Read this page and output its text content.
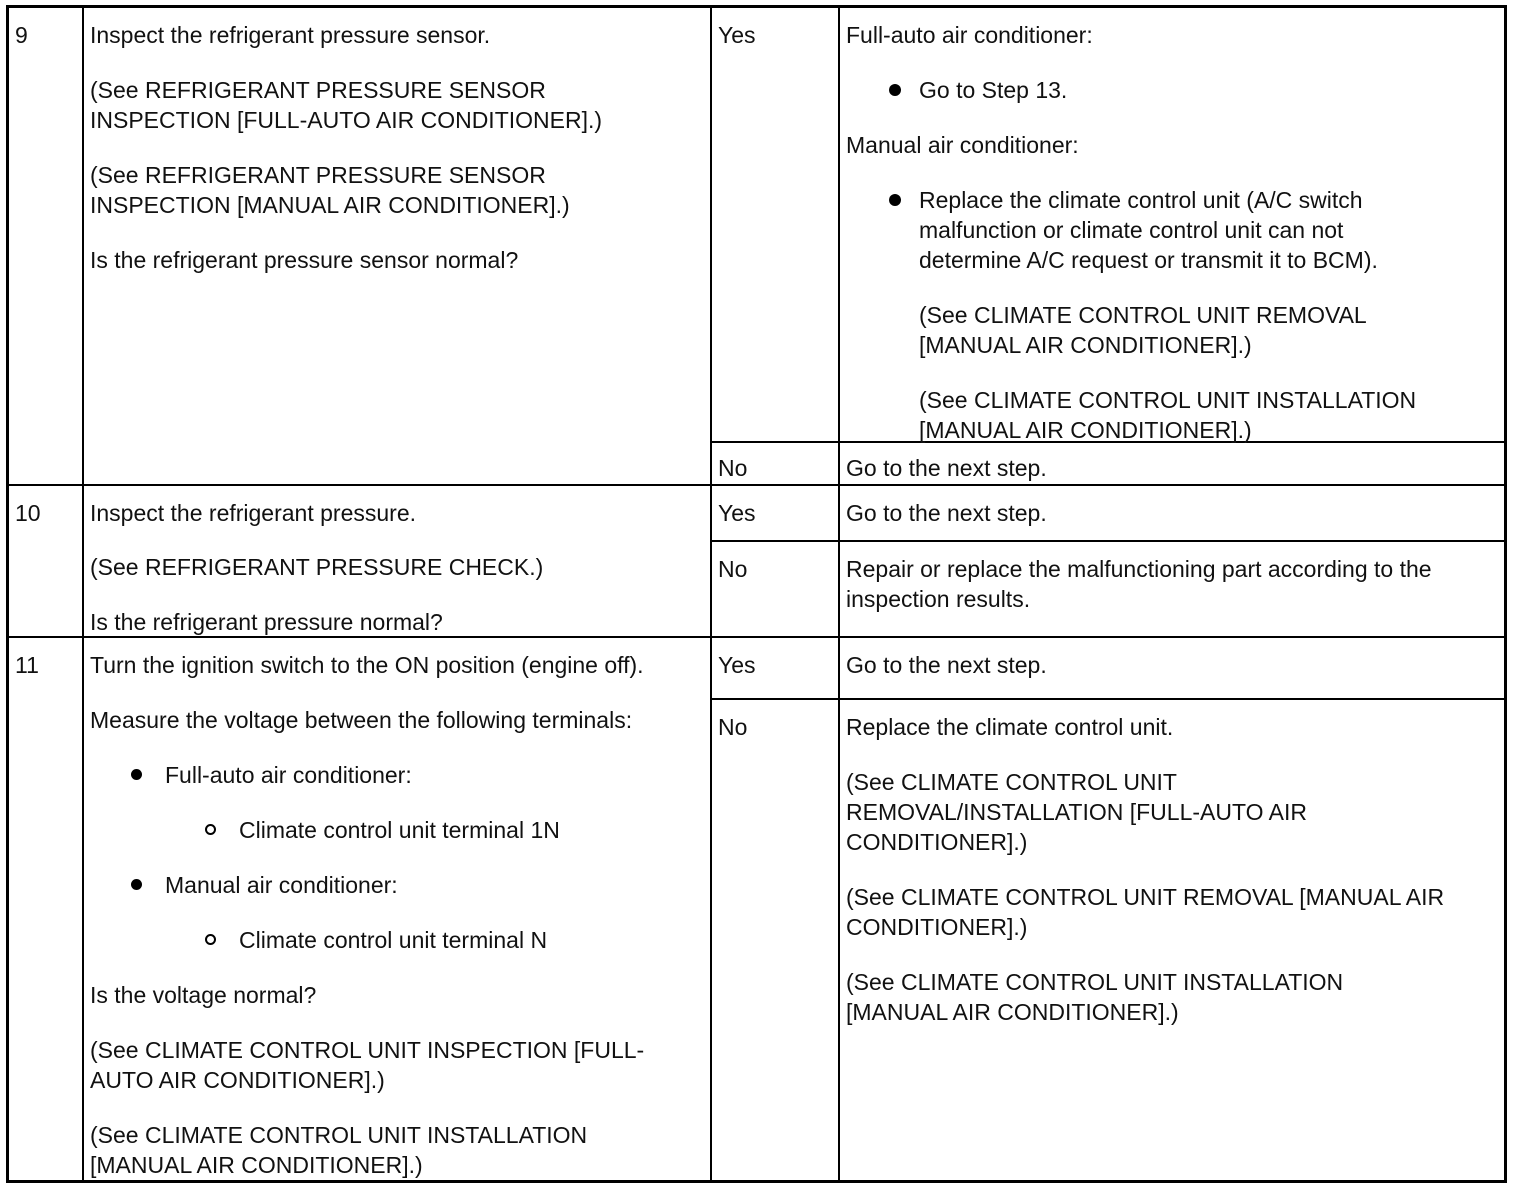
9	Inspect the refrigerant pressure sensor.

(See REFRIGERANT PRESSURE SENSOR INSPECTION [FULL-AUTO AIR CONDITIONER].)

(See REFRIGERANT PRESSURE SENSOR INSPECTION [MANUAL AIR CONDITIONER].)

Is the refrigerant pressure sensor normal?

Yes	Full-auto air conditioner:

Go to Step 13.

Manual air conditioner:

Replace the climate control unit (A/C switch malfunction or climate control unit can not determine A/C request or transmit it to BCM).

(See CLIMATE CONTROL UNIT REMOVAL [MANUAL AIR CONDITIONER].)

(See CLIMATE CONTROL UNIT INSTALLATION [MANUAL AIR CONDITIONER].)

No	Go to the next step.
10	Inspect the refrigerant pressure.

(See REFRIGERANT PRESSURE CHECK.)

Is the refrigerant pressure normal?

Yes	Go to the next step.
No	Repair or replace the malfunctioning part according to the inspection results.

11	Turn the ignition switch to the ON position (engine off).

Measure the voltage between the following terminals:

Full-auto air conditioner:

Climate control unit terminal 1N

Manual air conditioner:

Climate control unit terminal N

Is the voltage normal?

(See CLIMATE CONTROL UNIT INSPECTION [FULL-AUTO AIR CONDITIONER].)

(See CLIMATE CONTROL UNIT INSTALLATION [MANUAL AIR CONDITIONER].)

Yes	Go to the next step.
No	Replace the climate control unit.

(See CLIMATE CONTROL UNIT REMOVAL/INSTALLATION [FULL-AUTO AIR CONDITIONER].)

(See CLIMATE CONTROL UNIT REMOVAL [MANUAL AIR CONDITIONER].)

(See CLIMATE CONTROL UNIT INSTALLATION [MANUAL AIR CONDITIONER].)
